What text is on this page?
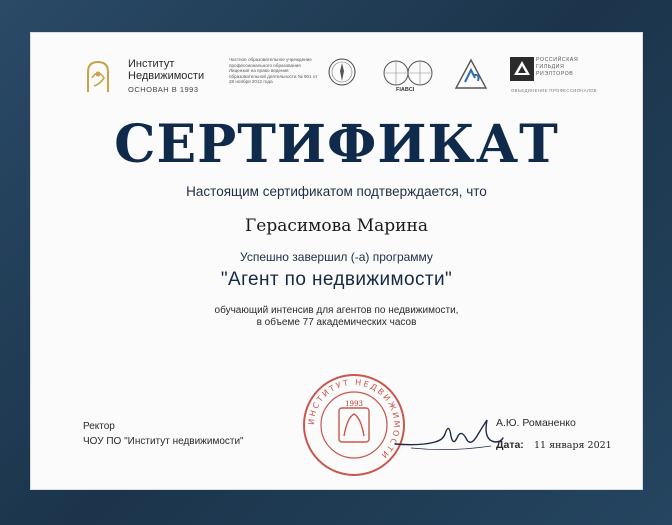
Институт
Недвижимости
ОСНОВАН В 1993
Частное образовательное учреждение профессионального образования Лицензия на право ведения образовательной деятельности № 901 от 28 ноября 2012 года
FIABCI
РОССИЙСКАЯ
ГИЛЬДИЯ
РИЭЛТОРОВ
ОБЪЕДИНЕНИЕ ПРОФЕССИОНАЛОВ
СЕРТИФИКАТ
Настоящим сертификатом подтверждается, что
Герасимова Марина
Успешно завершил (-а) программу
"Агент по недвижимости"
обучающий интенсив для агентов по недвижимости,
в объеме 77 академических часов
Ректор
ЧОУ ПО "Институт недвижимости"
ИНСТИТУТ НЕДВИЖИМОСТИ
1993
А.Ю. Романенко
Дата: 11 января 2021
